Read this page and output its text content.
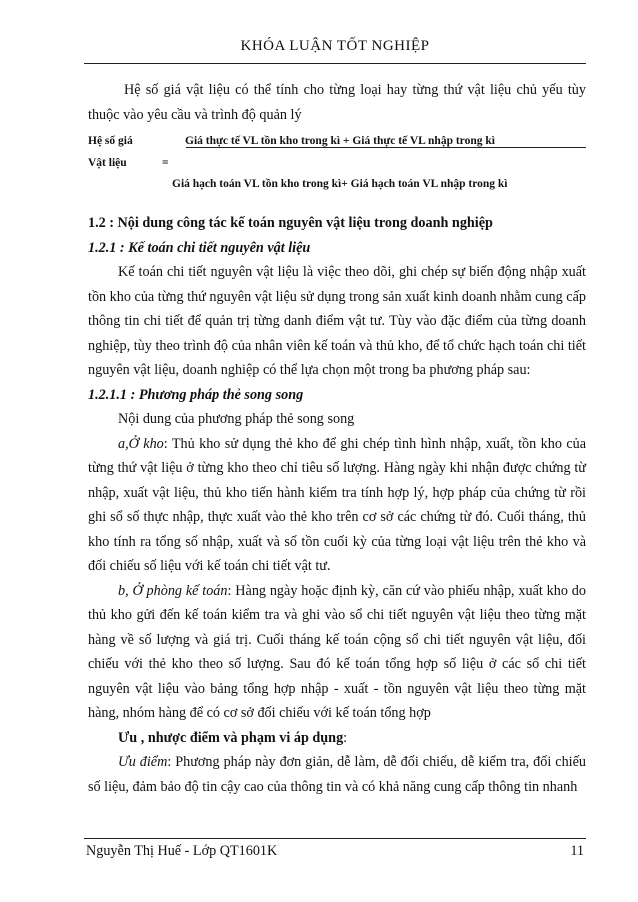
KHÓA LUẬN TỐT NGHIỆP

Hệ số giá vật liệu có thể tính cho từng loại hay từng thứ vật liệu chủ yếu tùy thuộc vào yêu cầu và trình độ quản lý

Hệ số giá
Vật liệu	=
Giá thực tế VL tồn kho trong kì + Giá thực tế VL nhập trong kì
Giá hạch toán VL tồn kho trong kì+ Giá hạch toán VL nhập trong kì

1.2 : Nội dung công tác kế toán nguyên vật liệu trong doanh nghiệp

1.2.1 : Kế toán chi tiết nguyên vật liệu

Kế toán chi tiết nguyên vật liệu là việc theo dõi, ghi chép sự biến động nhập xuất tồn kho của từng thứ nguyên vật liệu sử dụng trong sản xuất kinh doanh nhằm cung cấp thông tin chi tiết để quản trị từng danh điểm vật tư. Tùy vào đặc điểm của từng doanh nghiệp, tùy theo trình độ của nhân viên kế toán và thủ kho, để tổ chức hạch toán chi tiết nguyên vật liệu, doanh nghiệp có thể lựa chọn một trong ba phương pháp sau:

1.2.1.1 : Phương pháp thẻ song song

Nội dung của phương pháp thẻ song song

a,Ở kho: Thủ kho sử dụng thẻ kho để ghi chép tình hình nhập, xuất, tồn kho của từng thứ vật liệu ở từng kho theo chỉ tiêu số lượng. Hàng ngày khi nhận được chứng từ nhập, xuất vật liệu, thủ kho tiến hành kiểm tra tính hợp lý, hợp pháp của chứng từ rồi ghi sổ số thực nhập, thực xuất vào thẻ kho trên cơ sở các chứng từ đó. Cuối tháng, thủ kho tính ra tổng số nhập, xuất và số tồn cuối kỳ của từng loại vật liệu trên thẻ kho và đối chiếu số liệu với kế toán chi tiết vật tư.

b, Ở phòng kế toán: Hàng ngày hoặc định kỳ, căn cứ vào phiếu nhập, xuất kho do thủ kho gửi đến kế toán kiểm tra và ghi vào sổ chi tiết nguyên vật liệu theo từng mặt hàng về số lượng và giá trị. Cuối tháng kế toán cộng sổ chi tiết nguyên vật liệu, đối chiếu với thẻ kho theo số lượng. Sau đó kế toán tổng hợp số liệu ở các sổ chi tiết nguyên vật liệu vào bảng tổng hợp nhập - xuất - tồn nguyên vật liệu theo từng mặt hàng, nhóm hàng để có cơ sở đối chiếu với kế toán tổng hợp

Ưu , nhược điểm và phạm vi áp dụng:

Ưu điểm: Phương pháp này đơn giản, dễ làm, dễ đối chiếu, dễ kiểm tra, đối chiếu số liệu, đảm bảo độ tin cậy cao của thông tin và có khả năng cung cấp thông tin nhanh

Nguyễn Thị Huế - Lớp QT1601K	11
